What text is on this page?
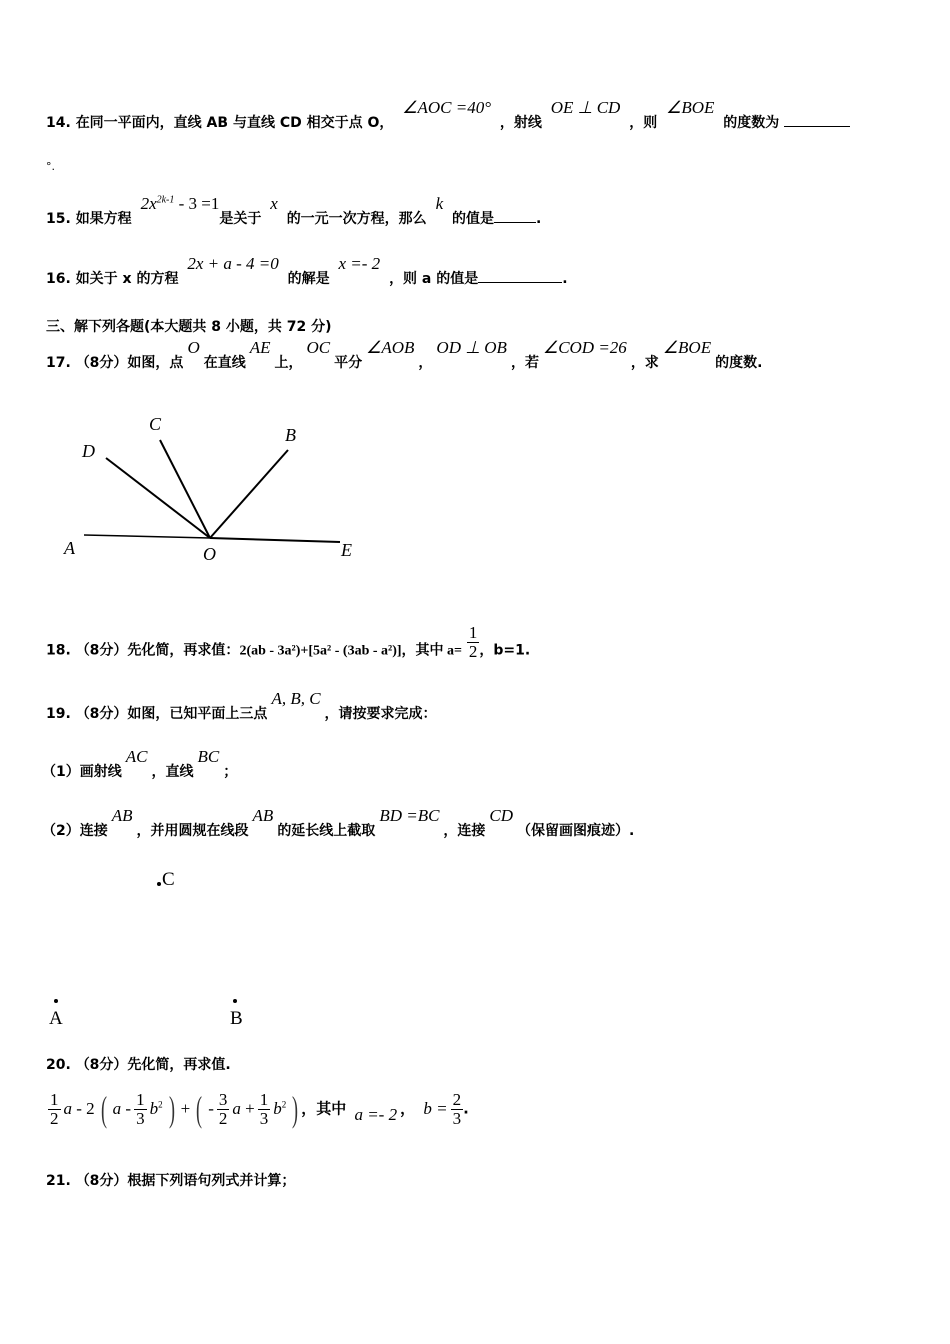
14. 在同一平面内，直线 AB 与直线 CD 相交于点 O， ∠AOC =40° ，射线 OE ⊥ CD ，则 ∠BOE 的度数为
°.
15. 如果方程 $2x^{2k-1} - 3 =1$是关于 x 的一元一次方程，那么 k 的值是	.
16. 如关于 x 的方程 2x + a - 4 =0 的解是 x =- 2 ，则 a 的值是	.
三、解下列各题(本大题共 8 小题，共 72 分)
17. （8分）如图，点O在直线AE上，OC平分∠AOB，OD ⊥ OB，若∠COD =26，求∠BOE的度数.
A	O	E
D
C
B
18. （8分）先化简，再求值：2(ab - 3a²)+[5a² - (3ab - a²)]，其中 $a= \frac{1}{2}$ ，b=1.
19. （8分）如图，已知平面上三点A, B, C，请按要求完成：
（1）画射线AC，直线BC；
（2）连接AB，并用圆规在线段AB的延长线上截取BD =BC，连接CD（保留画图痕迹）.
C
A	B
20. （8分）先化简，再求值.
$\frac{1}{2}$ a - 2 ( a - $\frac{1}{3} b^2$ ) + ( - $\frac{3}{2}$ $a + \frac{1}{3} b^2$ ) ，其中 a =- 2 ， $b = \frac{2}{3}$ .
21. （8分）根据下列语句列式并计算；
